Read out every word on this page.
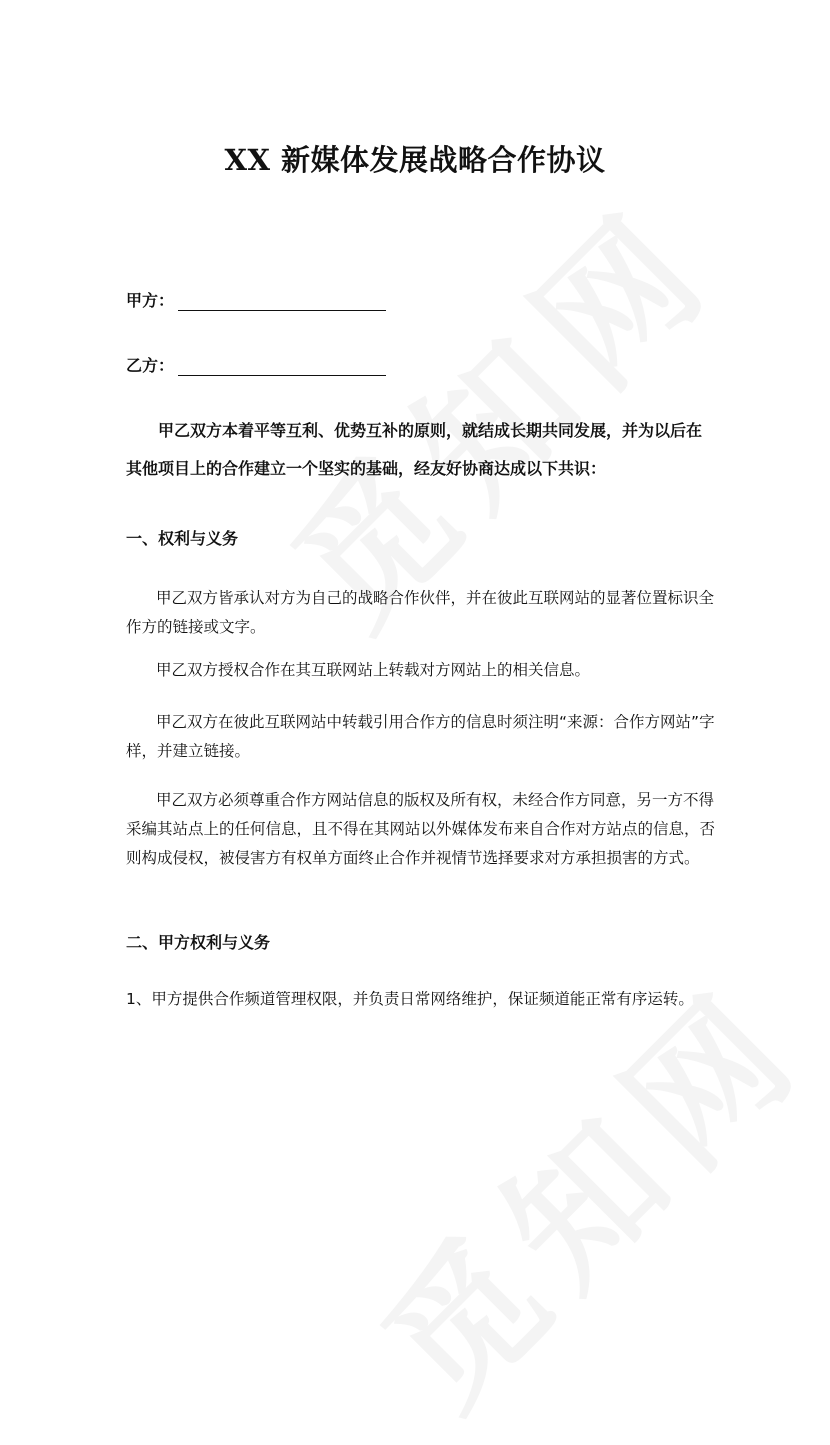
XX 新媒体发展战略合作协议
甲方：
乙方：

甲乙双方本着平等互利、优势互补的原则，就结成长期共同发展，并为以后在其他项目上的合作建立一个坚实的基础，经友好协商达成以下共识：

一、权利与义务

甲乙双方皆承认对方为自己的战略合作伙伴，并在彼此互联网站的显著位置标识全作方的链接或文字。

甲乙双方授权合作在其互联网站上转载对方网站上的相关信息。

甲乙双方在彼此互联网站中转载引用合作方的信息时须注明“来源：合作方网站”字样，并建立链接。

甲乙双方必须尊重合作方网站信息的版权及所有权，未经合作方同意，另一方不得采编其站点上的任何信息，且不得在其网站以外媒体发布来自合作对方站点的信息，否则构成侵权，被侵害方有权单方面终止合作并视情节选择要求对方承担损害的方式。

二、甲方权利与义务

1、甲方提供合作频道管理权限，并负责日常网络维护，保证频道能正常有序运转。
